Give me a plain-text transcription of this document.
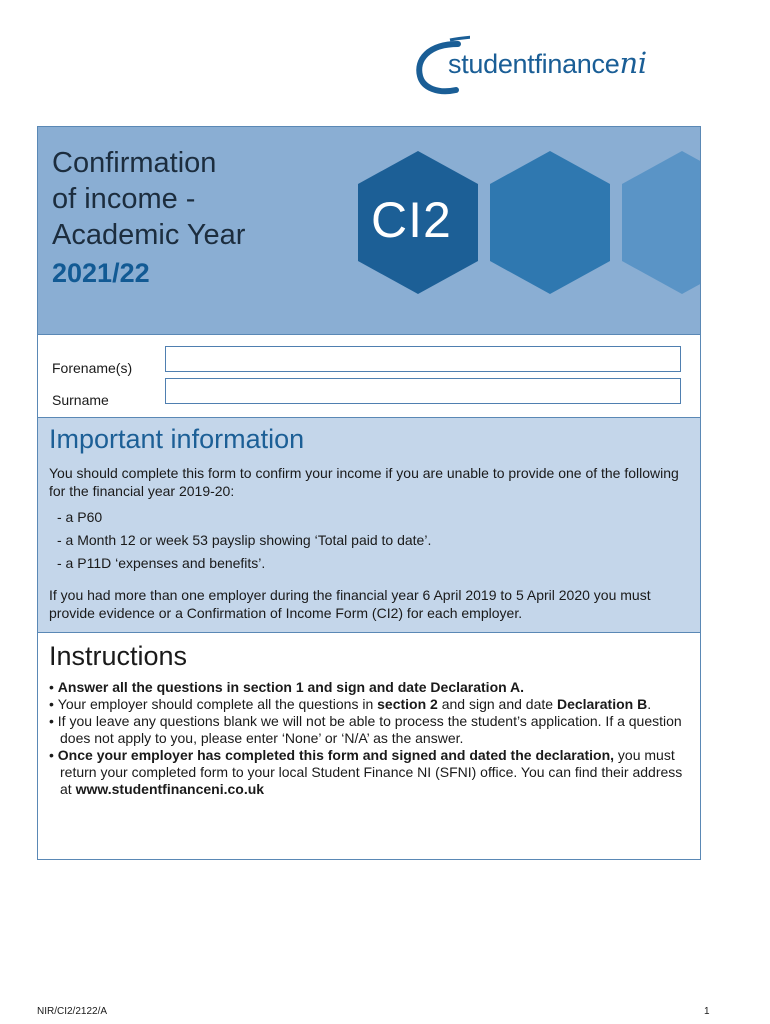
studentfinanceni
Confirmation
of income -
Academic Year
2021/22
CI2
Forename(s)
Surname
Important information

You should complete this form to confirm your income if you are unable to provide one of the following for the financial year 2019-20:

- a P60

- a Month 12 or week 53 payslip showing ‘Total paid to date’.

- a P11D ‘expenses and benefits’.

If you had more than one employer during the financial year 6 April 2019 to 5 April 2020 you must provide evidence or a Confirmation of Income Form (CI2) for each employer.

Instructions

• Answer all the questions in section 1 and sign and date Declaration A.

• Your employer should complete all the questions in section 2 and sign and date Declaration B.

• If you leave any questions blank we will not be able to process the student’s application. If a question does not apply to you, please enter ‘None’ or ‘N/A’ as the answer.

• Once your employer has completed this form and signed and dated the declaration, you must return your completed form to your local Student Finance NI (SFNI) office. You can find their address at www.studentfinanceni.co.uk

NIR/CI2/2122/A	1
